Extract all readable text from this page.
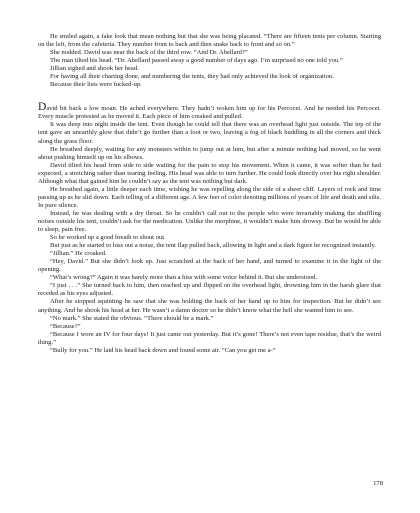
He smiled again, a fake look that mean nothing but that she was being placated. “There are fifteen tents per column. Starting on the left, from the cafeteria. They number front to back and then snake back to front and so on.”

She nodded. David was near the back of the third row. “And Dr. Abellard?”

The man tilted his head. “Dr. Abellard passed away a good number of days ago. I’m surprised no one told you.”

Jillian sighed and shook her head.

For having all their charting done, and numbering the tents, they had only achieved the look of organization.

Because their lists were fucked-up.

David bit back a low moan. He ached everywhere. They hadn’t woken him up for his Percocet. And he needed his Percocet. Every muscle protested as he moved it. Each piece of him creaked and pulled.

It was deep into night inside the tent. Even though he could tell that there was an overhead light just outside. The top of the tent gave an unearthly glow that didn’t go further than a foot or two, leaving a fog of black huddling in all the corners and thick along the grass floor.

He breathed deeply, waiting for any monsters within to jump out at him, but after a minute nothing had moved, so he went about pushing himself up on his elbows.

David tilted his head from side to side waiting for the pain to stop his movement. When it came, it was softer than he had expected, a stretching rather than tearing feeling. His head was able to turn further. He could look directly over his right shoulder. Although what that gained him he couldn’t say as the tent was nothing but dark.

He breathed again, a little deeper each time, wishing he was repelling along the side of a sheer cliff. Layers of rock and time passing up as he slid down. Each telling of a different age. A few feet of color denoting millions of years of life and death and silts. In pure silence.

Instead, he was dealing with a dry throat. So he couldn’t call out to the people who were invariably making the shuffling noises outside his tent, couldn’t ask for the medication. Unlike the morphine, it wouldn’t make him drowsy. But he would be able to sleep, pain free.

So he worked up a good breath to shout out.

But just as he started to hiss out a noise, the tent flap pulled back, allowing in light and a dark figure he recognized instantly.

“Jillian.” He croaked.

“Hey, David.” But she didn’t look up. Just scratched at the back of her hand, and turned to examine it in the light of the opening.

“What’s wrong?” Again it was barely more than a hiss with some voice behind it. But she understood.

“I just . . .” She turned back to him, then reached up and flipped on the overhead light, drowning him in the harsh glare that receded as his eyes adjusted.

After he stopped squinting he saw that she was holding the back of her hand up to him for inspection. But he didn’t see anything. And he shook his head at her. He wasn’t a damn doctor so he didn’t know what the hell she wanted him to see.

“No mark.” She stated the obvious. “There should be a mark.”

“Because?”

“Because I wore an IV for four days! It just came out yesterday. But it’s gone! There’s not even tape residue, that’s the weird thing.”

“Bully for you.” He laid his head back down and found some air. “Can you get me a-”

178
